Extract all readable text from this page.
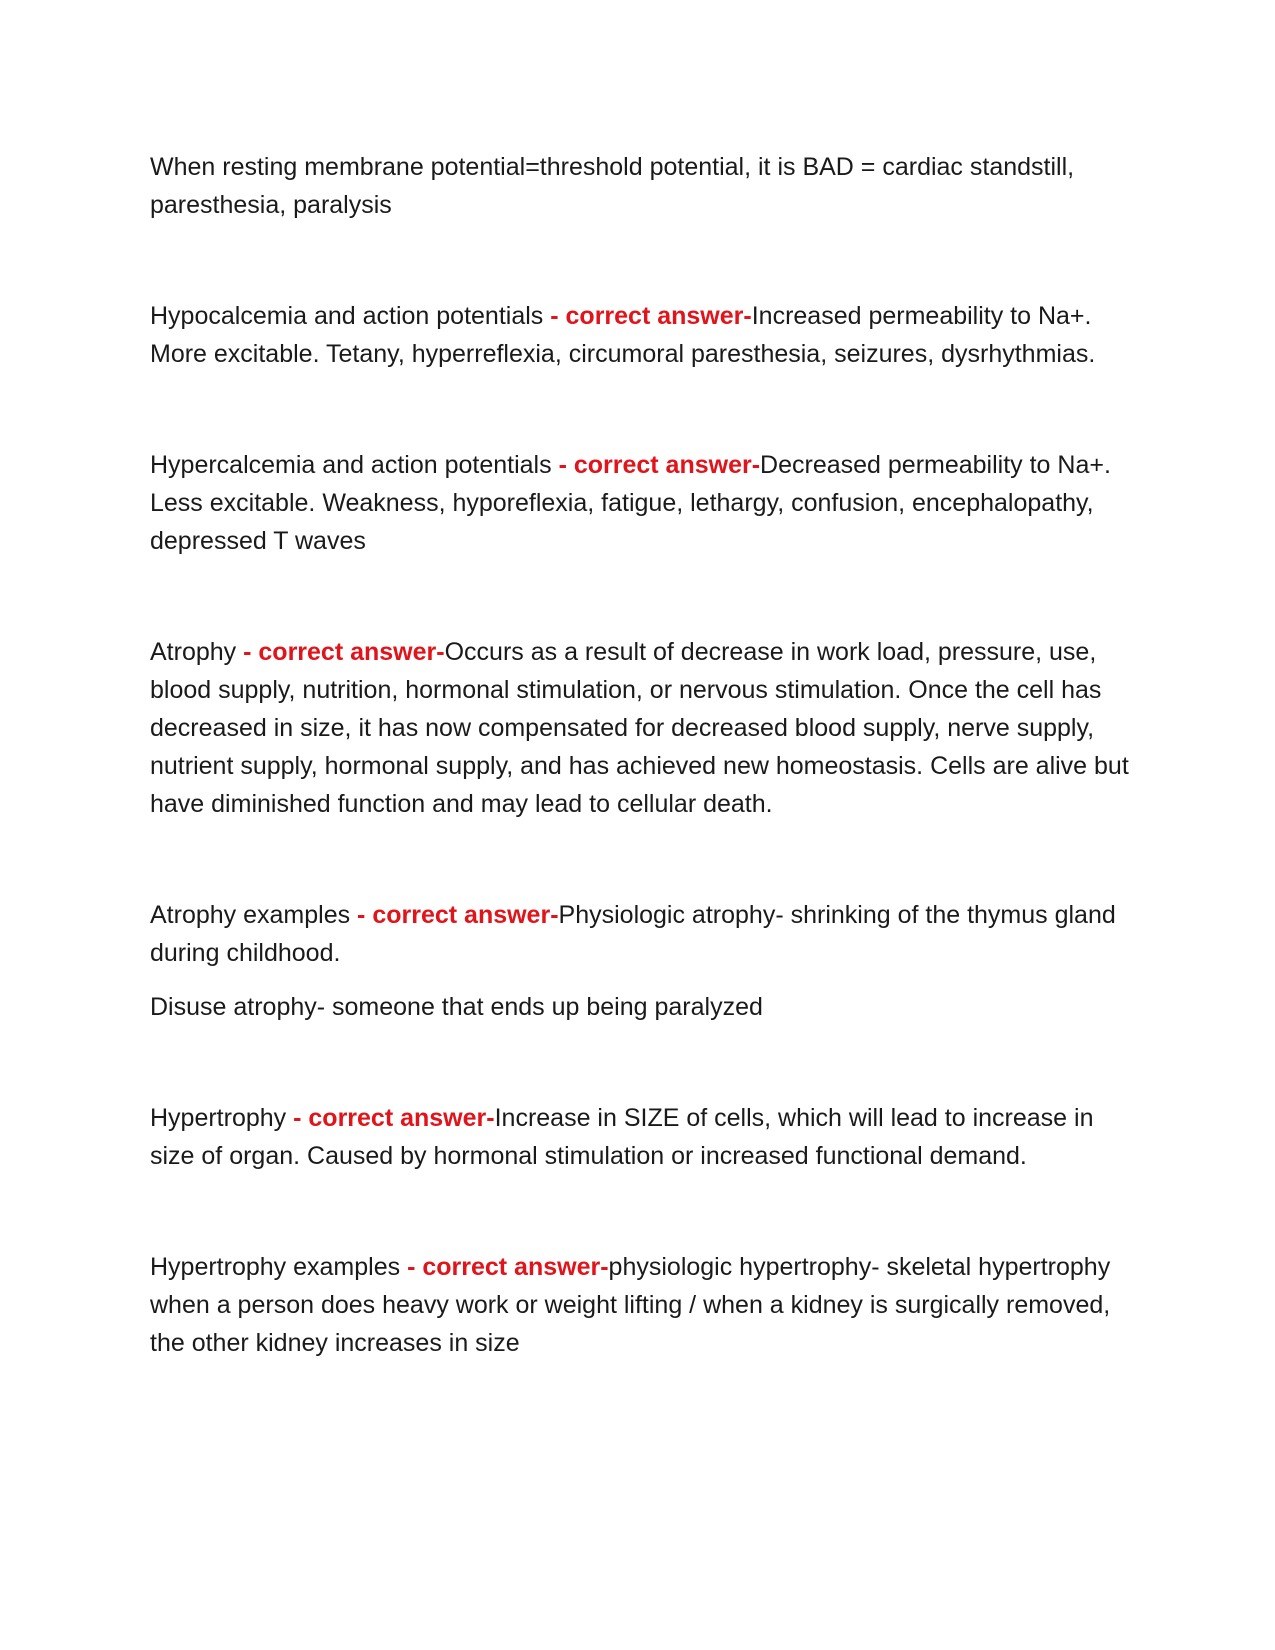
When resting membrane potential=threshold potential, it is BAD = cardiac standstill, paresthesia, paralysis

Hypocalcemia and action potentials - correct answer-Increased permeability to Na+. More excitable. Tetany, hyperreflexia, circumoral paresthesia, seizures, dysrhythmias.

Hypercalcemia and action potentials - correct answer-Decreased permeability to Na+. Less excitable. Weakness, hyporeflexia, fatigue, lethargy, confusion, encephalopathy, depressed T waves

Atrophy - correct answer-Occurs as a result of decrease in work load, pressure, use, blood supply, nutrition, hormonal stimulation, or nervous stimulation. Once the cell has decreased in size, it has now compensated for decreased blood supply, nerve supply, nutrient supply, hormonal supply, and has achieved new homeostasis. Cells are alive but have diminished function and may lead to cellular death.

Atrophy examples - correct answer-Physiologic atrophy- shrinking of the thymus gland during childhood.

Disuse atrophy- someone that ends up being paralyzed

Hypertrophy - correct answer-Increase in SIZE of cells, which will lead to increase in size of organ. Caused by hormonal stimulation or increased functional demand.

Hypertrophy examples - correct answer-physiologic hypertrophy- skeletal hypertrophy when a person does heavy work or weight lifting / when a kidney is surgically removed, the other kidney increases in size
